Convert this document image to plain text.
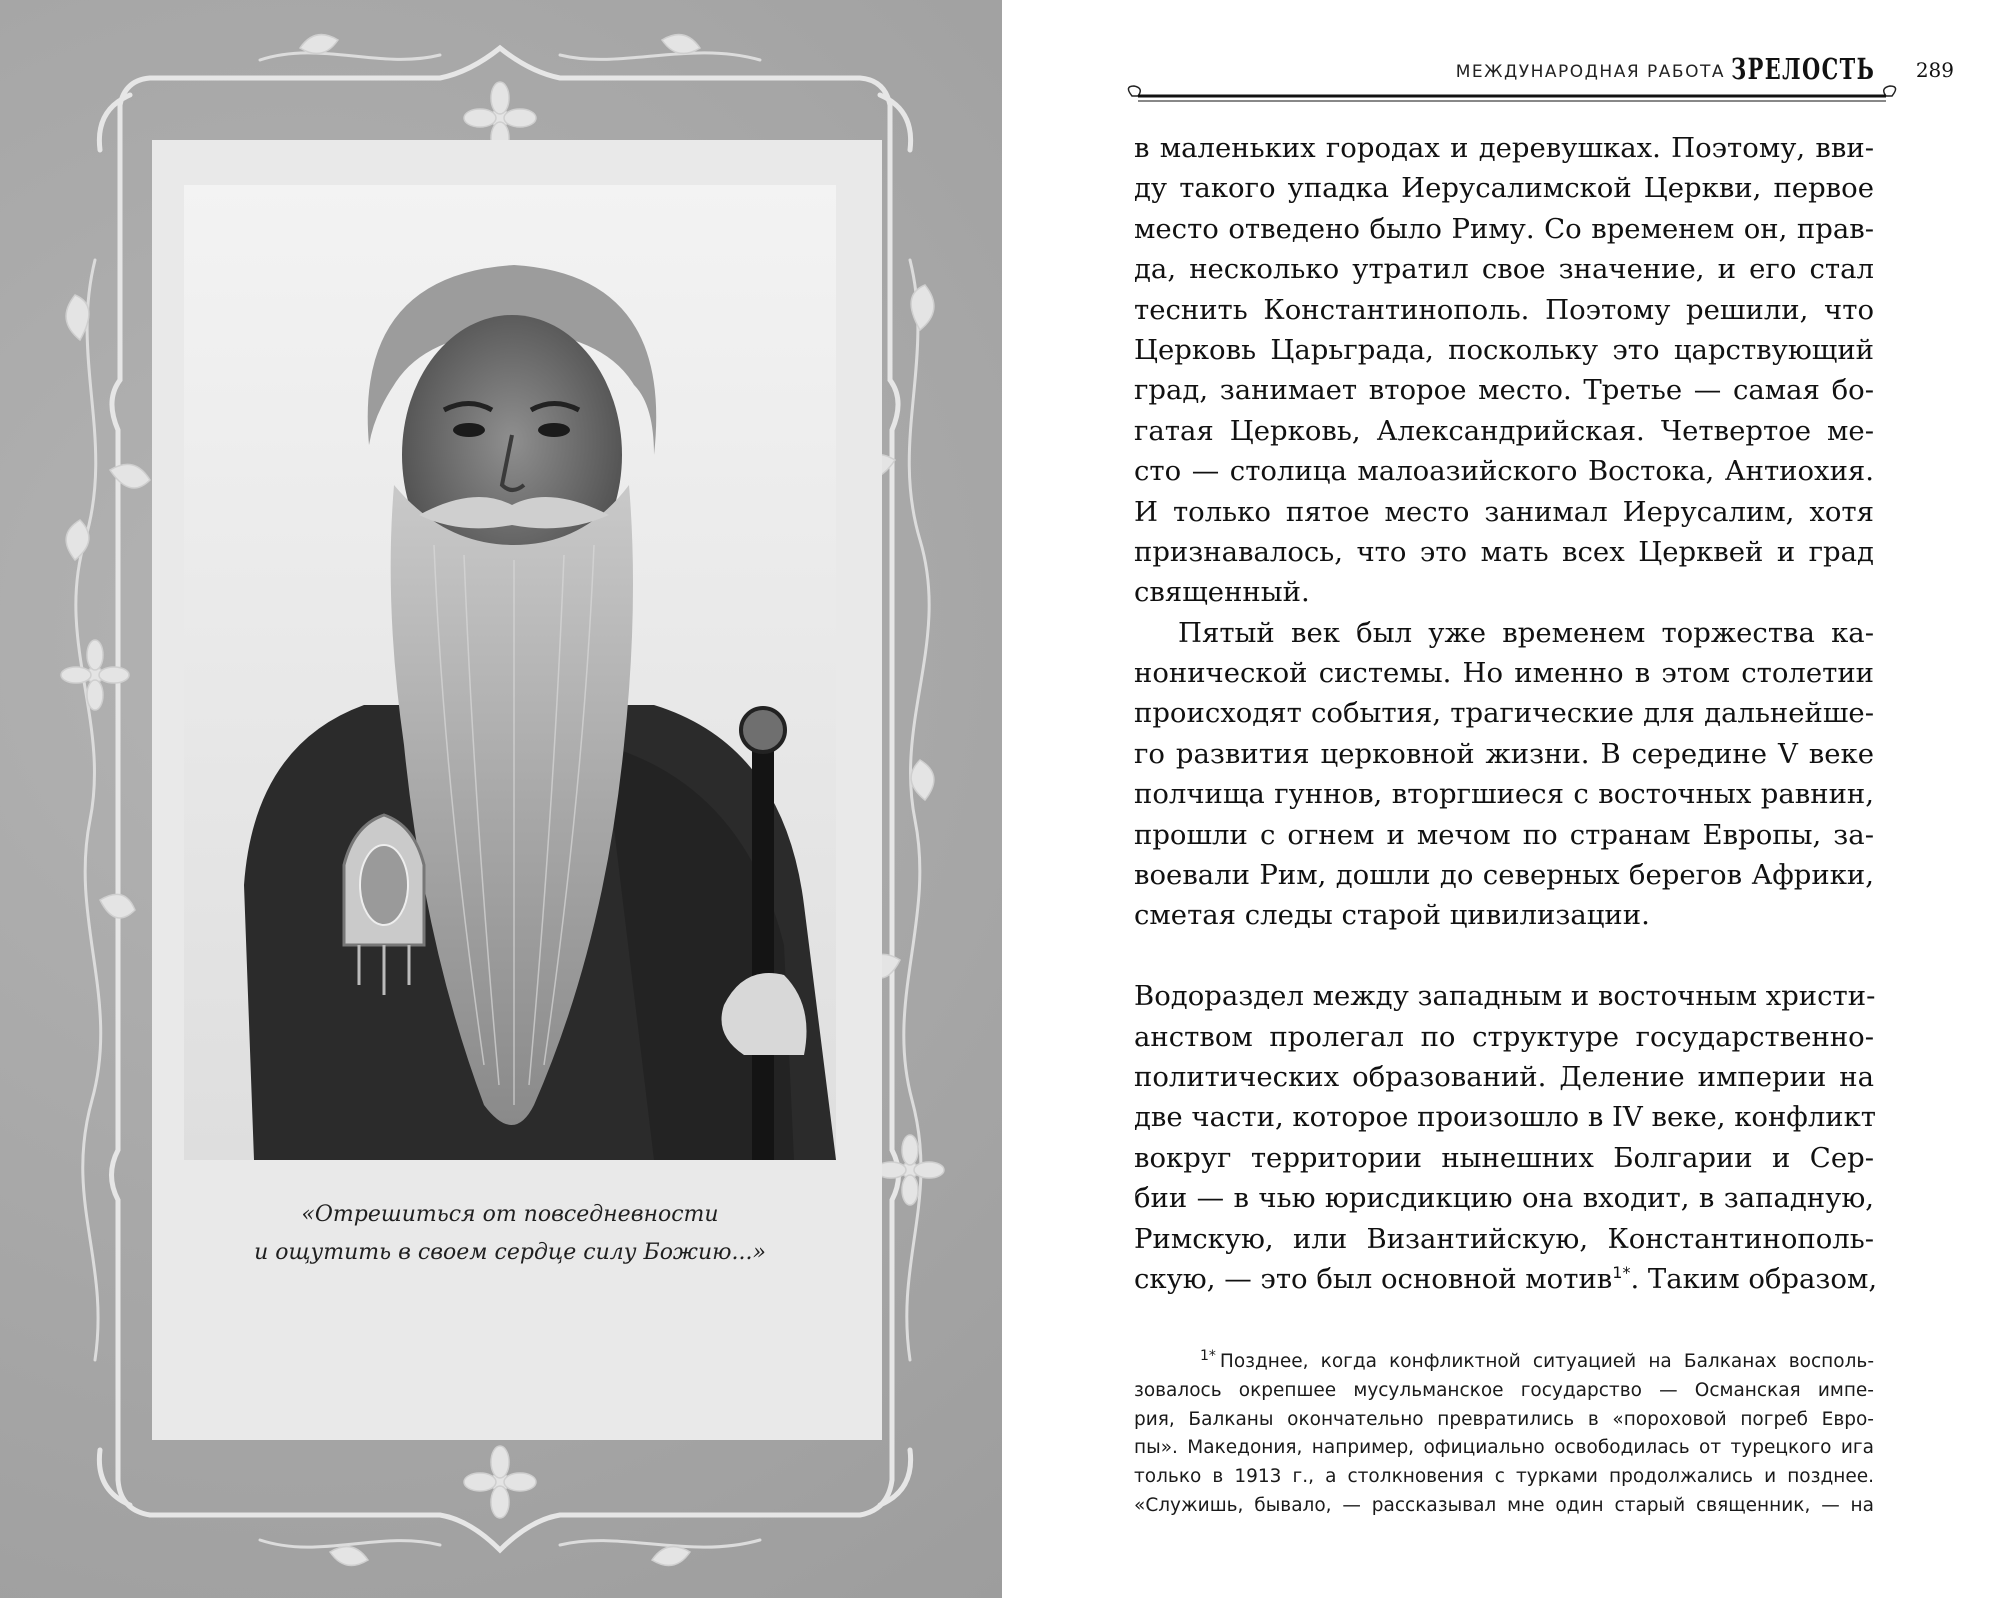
«Отрешиться от повседневности
и ощутить в своем сердце силу Божию...»
МЕЖДУНАРОДНАЯ РАБОТА ЗРЕЛОСТЬ 289
в маленьких городах и деревушках. Поэтому, вви-
ду такого упадка Иерусалимской Церкви, первое
место отведено было Риму. Со временем он, прав-
да, несколько утратил свое значение, и его стал
теснить Константинополь. Поэтому решили, что
Церковь Царьграда, поскольку это царствующий
град, занимает второе место. Третье — самая бо-
гатая Церковь, Александрийская. Четвертое ме-
сто — столица малоазийского Востока, Антиохия.
И только пятое место занимал Иерусалим, хотя
признавалось, что это мать всех Церквей и град
священный.
Пятый век был уже временем торжества ка-
нонической системы. Но именно в этом столетии
происходят события, трагические для дальнейше-
го развития церковной жизни. В середине V веке
полчища гуннов, вторгшиеся с восточных равнин,
прошли с огнем и мечом по странам Европы, за-
воевали Рим, дошли до северных берегов Африки,
сметая следы старой цивилизации.
Водораздел между западным и восточным христи-
анством пролегал по структуре государственно-
политических образований. Деление империи на
две части, которое произошло в IV веке, конфликт
вокруг территории нынешних Болгарии и Сер-
бии — в чью юрисдикцию она входит, в западную,
Римскую, или Византийскую, Константинополь-
скую, — это был основной мотив$^{1*}$. Таким образом,
$^{1*}$ Позднее, когда конфликтной ситуацией на Балканах восполь-
зовалось окрепшее мусульманское государство — Османская импе-
рия, Балканы окончательно превратились в «пороховой погреб Евро-
пы». Македония, например, официально освободилась от турецкого ига
только в 1913 г., а столкновения с турками продолжались и позднее.
«Служишь, бывало, — рассказывал мне один старый священник, — на
